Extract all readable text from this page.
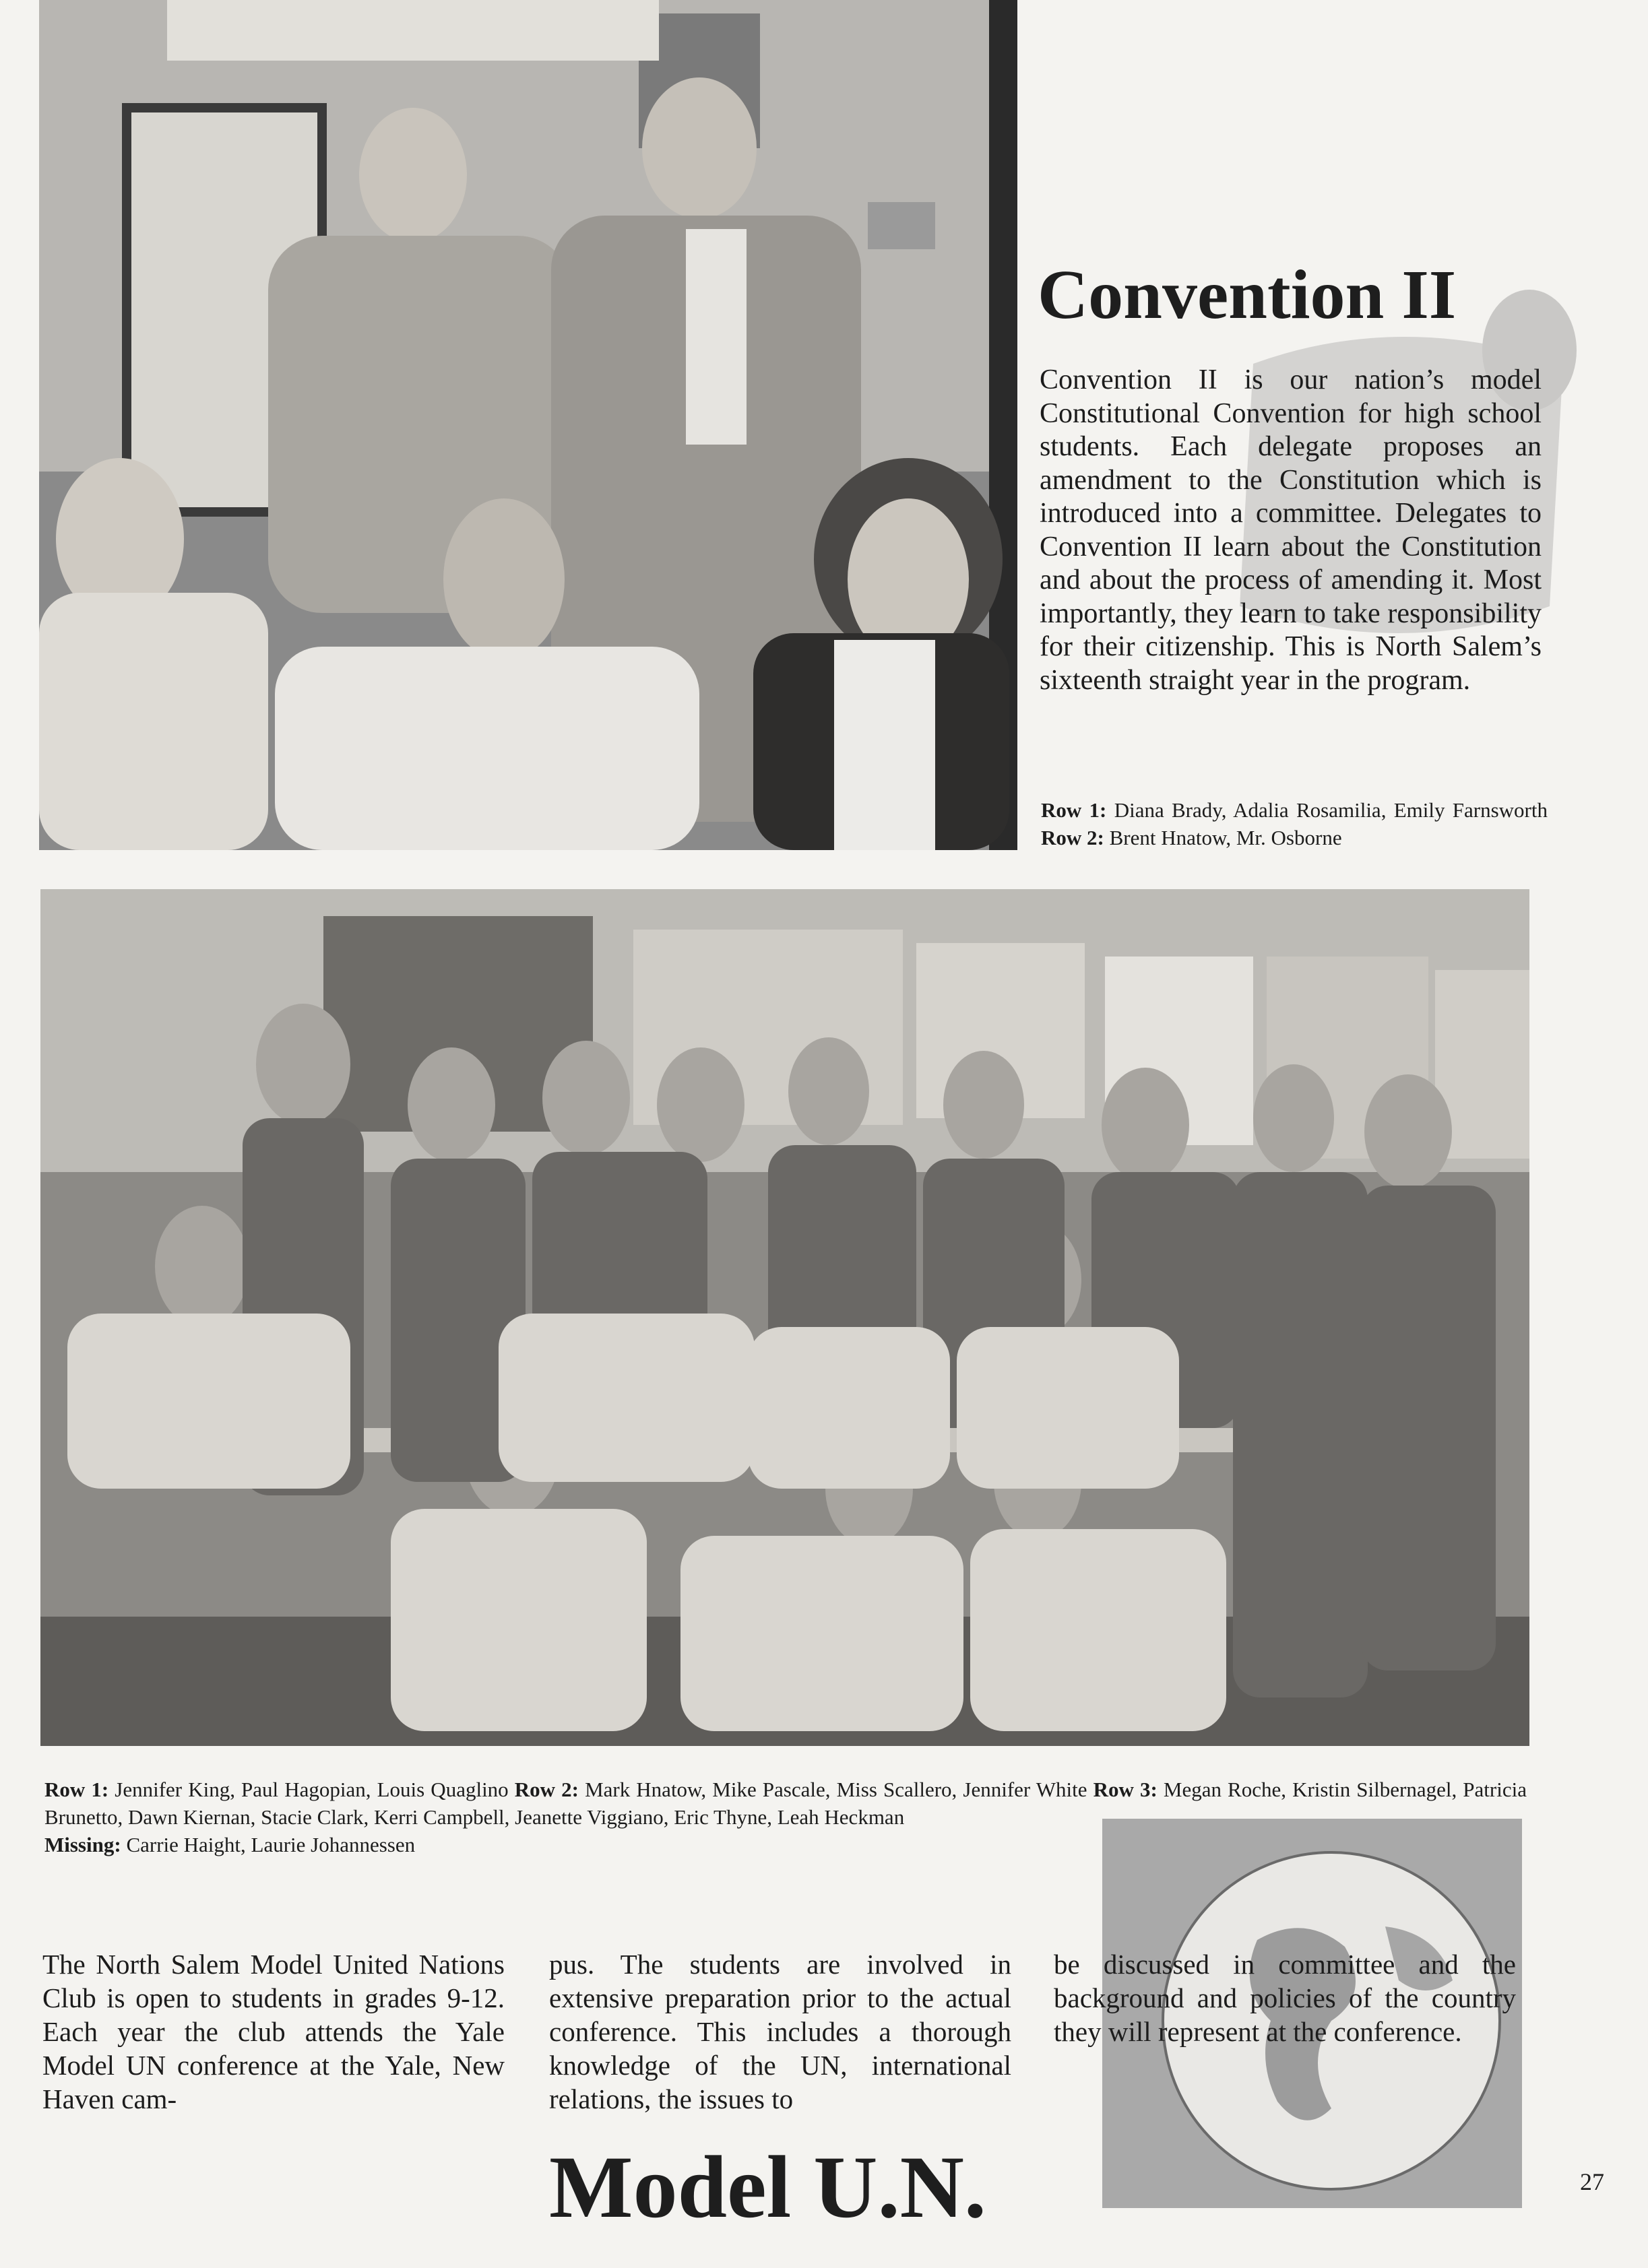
Convention II
Convention II is our nation’s model Constitutional Convention for high school students. Each delegate proposes an amendment to the Constitution which is introduced into a committee. Delegates to Convention II learn about the Constitution and about the process of amending it. Most importantly, they learn to take responsibility for their citizenship. This is North Salem’s sixteenth straight year in the program.
Row 1: Diana Brady, Adalia Rosamilia, Emily Farnsworth Row 2: Brent Hnatow, Mr. Osborne
Row 1: Jennifer King, Paul Hagopian, Louis Quaglino Row 2: Mark Hnatow, Mike Pascale, Miss Scallero, Jennifer White Row 3: Megan Roche, Kristin Silbernagel, Patricia Brunetto, Dawn Kiernan, Stacie Clark, Kerri Campbell, Jeanette Viggiano, Eric Thyne, Leah Heckman
Missing: Carrie Haight, Laurie Johannessen
The North Salem Model United Nations Club is open to students in grades 9-12. Each year the club attends the Yale Model UN conference at the Yale, New Haven cam-
pus. The students are involved in extensive preparation prior to the actual conference. This includes a thorough knowledge of the UN, international relations, the issues to
be discussed in committee and the background and policies of the country they will represent at the conference.
Model U.N.	27
